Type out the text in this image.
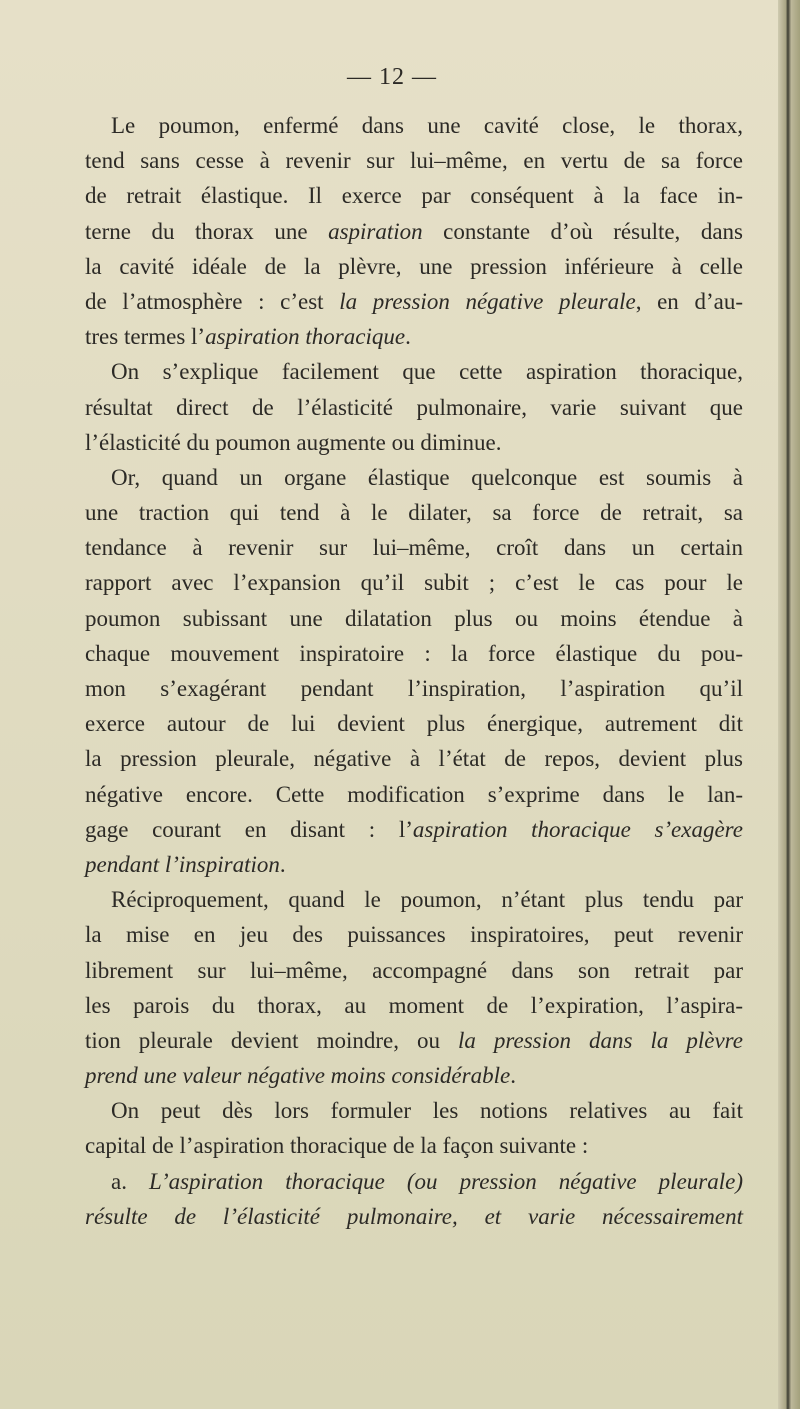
— 12 —
Le poumon, enfermé dans une cavité close, le thorax,
tend sans cesse à revenir sur lui–même, en vertu de sa force
de retrait élastique. Il exerce par conséquent à la face in-
terne du thorax une aspiration constante d’où résulte, dans
la cavité idéale de la plèvre, une pression inférieure à celle
de l’atmosphère : c’est la pression négative pleurale, en d’au-
tres termes l’aspiration thoracique.
On s’explique facilement que cette aspiration thoracique,
résultat direct de l’élasticité pulmonaire, varie suivant que
l’élasticité du poumon augmente ou diminue.
Or, quand un organe élastique quelconque est soumis à
une traction qui tend à le dilater, sa force de retrait, sa
tendance à revenir sur lui–même, croît dans un certain
rapport avec l’expansion qu’il subit ; c’est le cas pour le
poumon subissant une dilatation plus ou moins étendue à
chaque mouvement inspiratoire : la force élastique du pou-
mon s’exagérant pendant l’inspiration, l’aspiration qu’il
exerce autour de lui devient plus énergique, autrement dit
la pression pleurale, négative à l’état de repos, devient plus
négative encore. Cette modification s’exprime dans le lan-
gage courant en disant : l’aspiration thoracique s’exagère
pendant l’inspiration.
Réciproquement, quand le poumon, n’étant plus tendu par
la mise en jeu des puissances inspiratoires, peut revenir
librement sur lui–même, accompagné dans son retrait par
les parois du thorax, au moment de l’expiration, l’aspira-
tion pleurale devient moindre, ou la pression dans la plèvre
prend une valeur négative moins considérable.
On peut dès lors formuler les notions relatives au fait
capital de l’aspiration thoracique de la façon suivante :
a. L’aspiration thoracique (ou pression négative pleurale)
résulte de l’élasticité pulmonaire, et varie nécessairement
